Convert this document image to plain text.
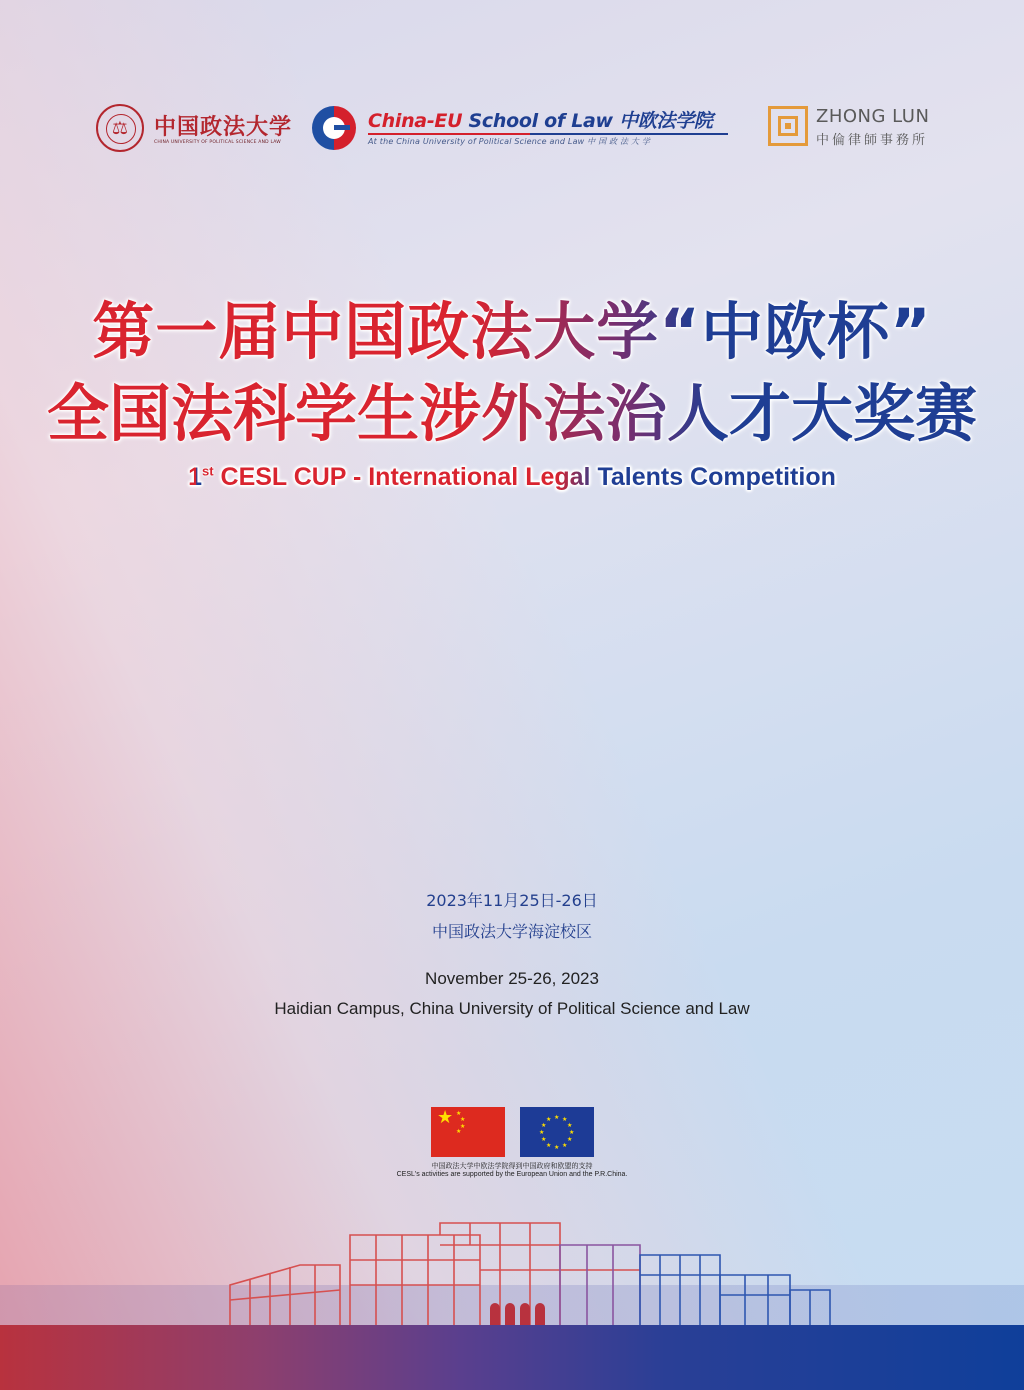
⚖	中国政法大学
CHINA UNIVERSITY OF POLITICAL SCIENCE AND LAW
China-EU School of Law 中欧法学院
At the China University of Political Science and Law 中 国 政 法 大 学
ZHONG LUN
中倫律師事務所
第一届中国政法大学“中欧杯”
全国法科学生涉外法治人才大奖赛
1st CESL CUP - International Legal Talents Competition
2023年11月25日-26日
中国政法大学海淀校区
November 25-26, 2023
Haidian Campus, China University of Political Science and Law
★ ★
★
★
★
★ ★
★
★
★
★
★
★
★
★
★
★
中国政法大学中欧法学院得到中国政府和欧盟的支持
CESL's activities are supported by the European Union and the P.R.China.
